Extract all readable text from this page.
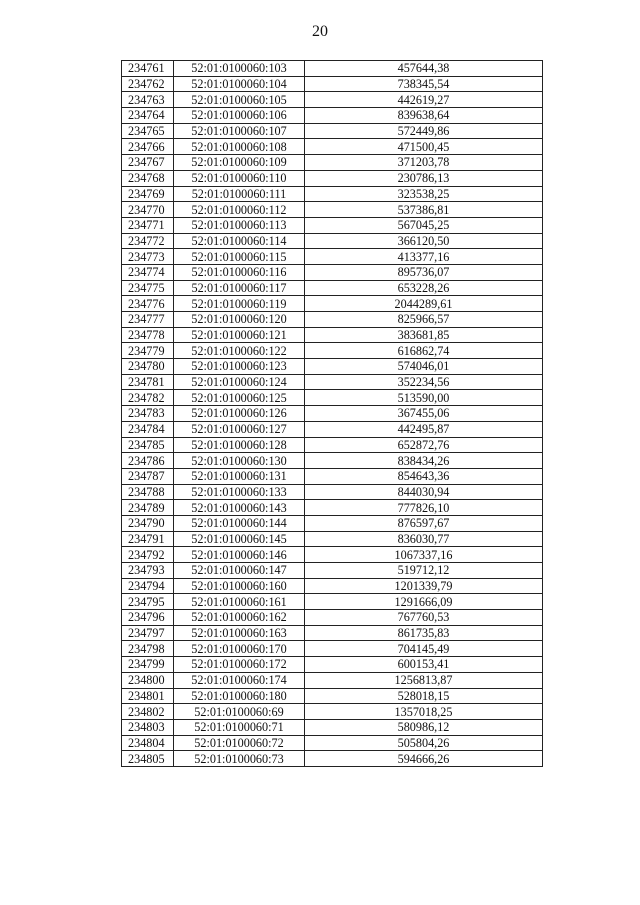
20
234761	52:01:0100060:103	457644,38
234762	52:01:0100060:104	738345,54
234763	52:01:0100060:105	442619,27
234764	52:01:0100060:106	839638,64
234765	52:01:0100060:107	572449,86
234766	52:01:0100060:108	471500,45
234767	52:01:0100060:109	371203,78
234768	52:01:0100060:110	230786,13
234769	52:01:0100060:111	323538,25
234770	52:01:0100060:112	537386,81
234771	52:01:0100060:113	567045,25
234772	52:01:0100060:114	366120,50
234773	52:01:0100060:115	413377,16
234774	52:01:0100060:116	895736,07
234775	52:01:0100060:117	653228,26
234776	52:01:0100060:119	2044289,61
234777	52:01:0100060:120	825966,57
234778	52:01:0100060:121	383681,85
234779	52:01:0100060:122	616862,74
234780	52:01:0100060:123	574046,01
234781	52:01:0100060:124	352234,56
234782	52:01:0100060:125	513590,00
234783	52:01:0100060:126	367455,06
234784	52:01:0100060:127	442495,87
234785	52:01:0100060:128	652872,76
234786	52:01:0100060:130	838434,26
234787	52:01:0100060:131	854643,36
234788	52:01:0100060:133	844030,94
234789	52:01:0100060:143	777826,10
234790	52:01:0100060:144	876597,67
234791	52:01:0100060:145	836030,77
234792	52:01:0100060:146	1067337,16
234793	52:01:0100060:147	519712,12
234794	52:01:0100060:160	1201339,79
234795	52:01:0100060:161	1291666,09
234796	52:01:0100060:162	767760,53
234797	52:01:0100060:163	861735,83
234798	52:01:0100060:170	704145,49
234799	52:01:0100060:172	600153,41
234800	52:01:0100060:174	1256813,87
234801	52:01:0100060:180	528018,15
234802	52:01:0100060:69	1357018,25
234803	52:01:0100060:71	580986,12
234804	52:01:0100060:72	505804,26
234805	52:01:0100060:73	594666,26
